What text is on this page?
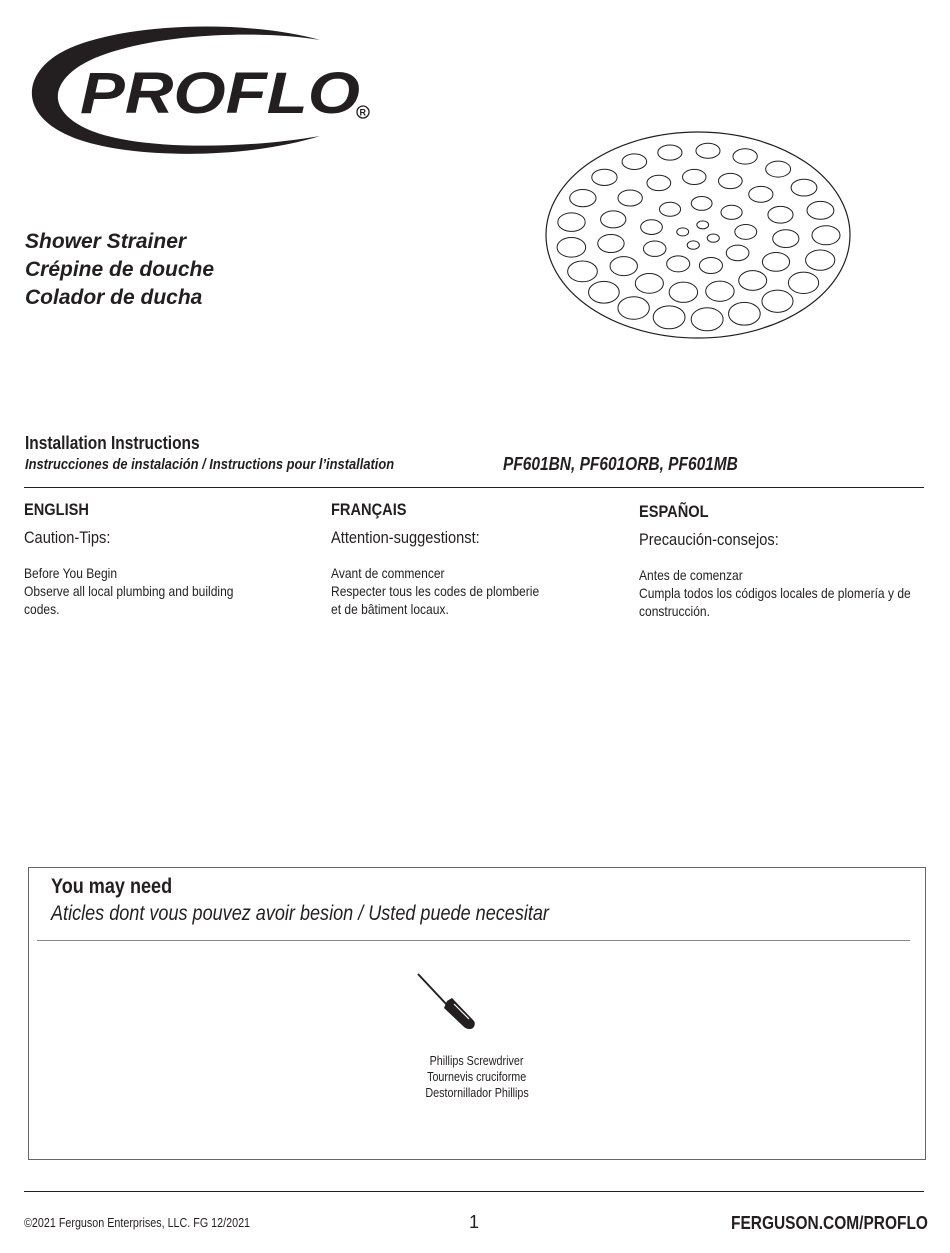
PROFLO R
Shower Strainer
Crépine de douche
Colador de ducha
Installation Instructions
Instrucciones de instalación / Instructions pour l’installation	PF601BN, PF601ORB, PF601MB
ENGLISH
Caution-Tips:
Before You Begin
Observe all local plumbing and building
codes.
FRANÇAIS
Attention-suggestionst:
Avant de commencer
Respecter tous les codes de plomberie
et de bâtiment locaux.
ESPAÑOL
Precaución-consejos:
Antes de comenzar
Cumpla todos los códigos locales de plomería y de
construcción.
You may need
Aticles dont vous pouvez avoir besion / Usted puede necesitar
Phillips Screwdriver
Tournevis cruciforme
Destornillador Phillips
©2021 Ferguson Enterprises, LLC. FG 12/2021	1	FERGUSON.COM/PROFLO
